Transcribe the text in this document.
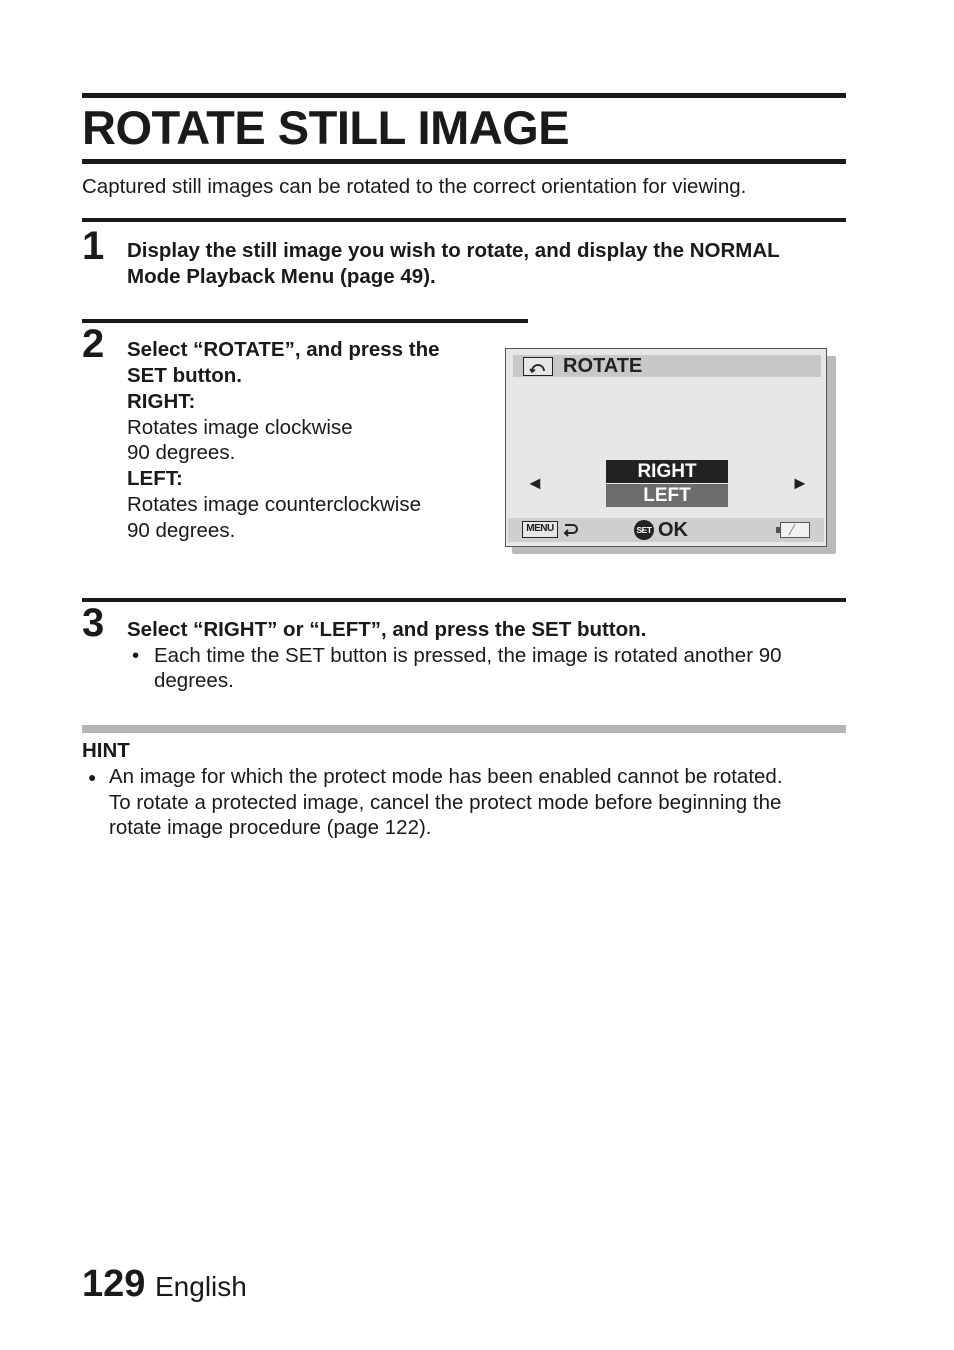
ROTATE STILL IMAGE
Captured still images can be rotated to the correct orientation for viewing.
1 Display the still image you wish to rotate, and display the NORMAL
Mode Playback Menu (page 49).
2 Select “ROTATE”, and press the
SET button.
RIGHT:
Rotates image clockwise
90 degrees.
LEFT:
Rotates image counterclockwise
90 degrees.
ROTATE
◄
RIGHT
LEFT
►
MENU	SET OK
3 Select “RIGHT” or “LEFT”, and press the SET button.
• Each time the SET button is pressed, the image is rotated another 90
degrees.
HINT
● An image for which the protect mode has been enabled cannot be rotated.
To rotate a protected image, cancel the protect mode before beginning the
rotate image procedure (page 122).
129 English
